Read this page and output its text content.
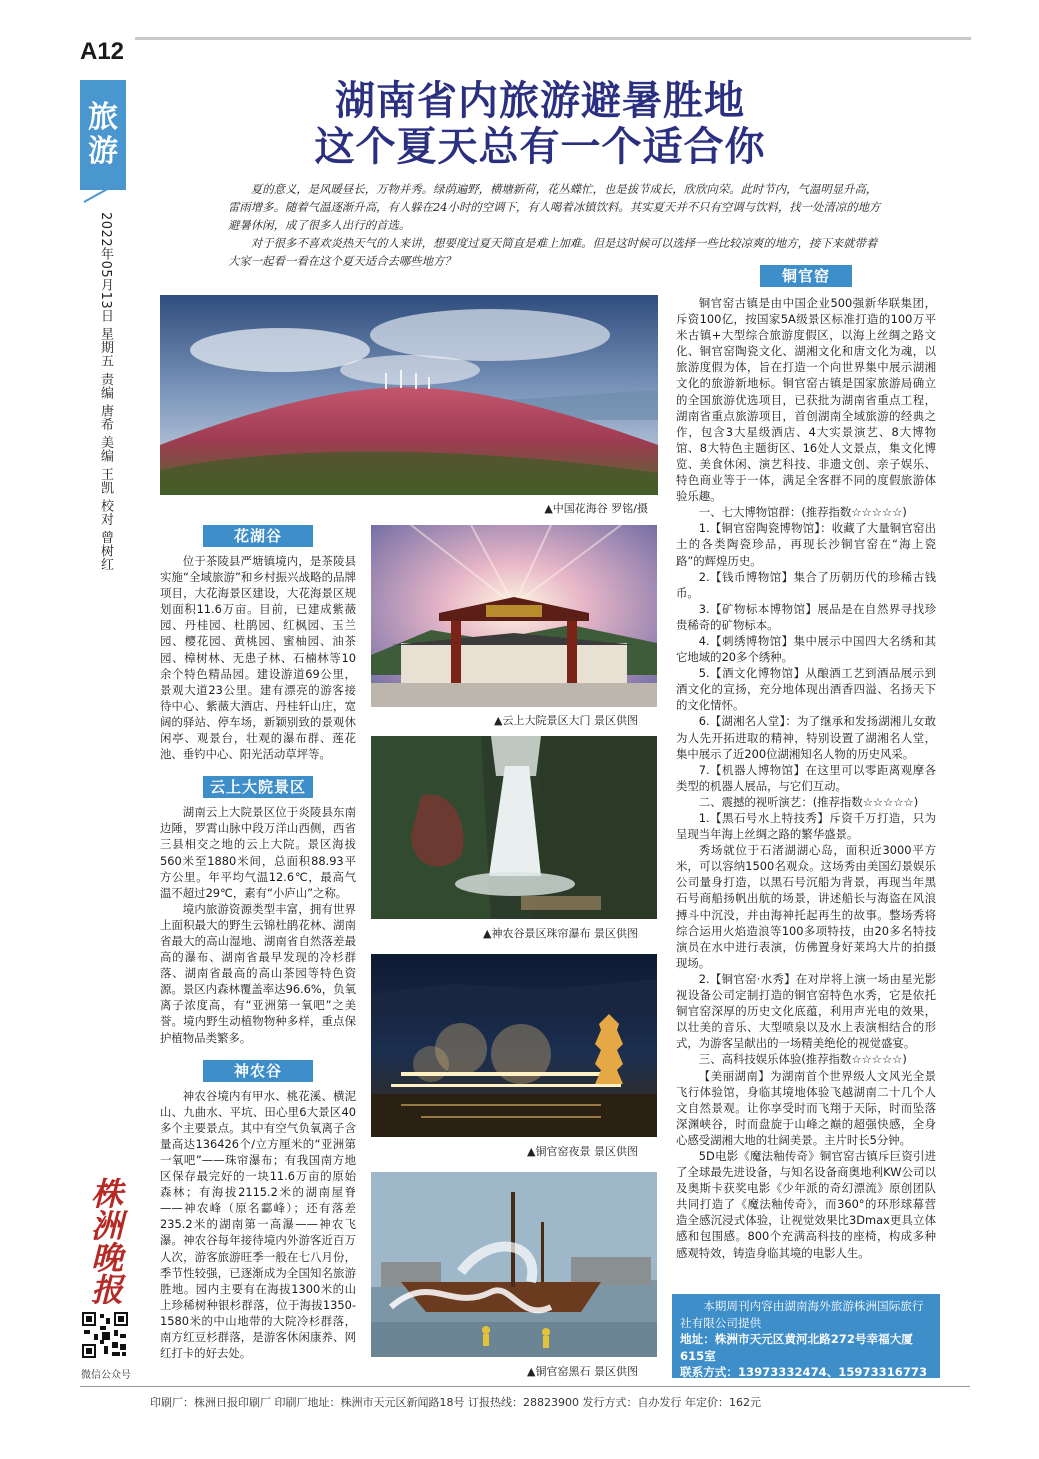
A12
旅
游
2022年05月13日 星期五 责编 唐希 美编 王凯 校对 曾树红
株
洲
晚
报
微信公众号
湖南省内旅游避暑胜地
这个夏天总有一个适合你

夏的意义，是风暖昼长，万物并秀。绿荫遍野，横塘新荷，花丛蝶忙，也是拔节成长，欣欣向荣。此时节内，气温明显升高，雷雨增多。随着气温逐渐升高，有人躲在24小时的空调下，有人喝着冰镇饮料。其实夏天并不只有空调与饮料，找一处清凉的地方避暑休闲，成了很多人出行的首选。

对于很多不喜欢炎热天气的人来讲，想要度过夏天简直是难上加难。但是这时候可以选择一些比较凉爽的地方，接下来就带着大家一起看一看在这个夏天适合去哪些地方？

▲中国花海谷 罗铭/摄
▲云上大院景区大门 景区供图
▲神农谷景区珠帘瀑布 景区供图
▲铜官窑夜景 景区供图
▲铜官窑黑石 景区供图
花湖谷

位于茶陵县严塘镇境内，是茶陵县实施“全域旅游”和乡村振兴战略的品牌项目，大花海景区建设，大花海景区规划面积11.6万亩。目前，已建成紫薇园、丹桂园、杜鹃园、红枫园、玉兰园、樱花园、黄桃园、蜜柚园、油茶园、樟树林、无患子林、石楠林等10余个特色精品园。建设游道69公里，景观大道23公里。建有漂亮的游客接待中心、紫薇大酒店、丹桂轩山庄，宽阔的驿站、停车场，新颖别致的景观休闲亭、观景台，壮观的瀑布群、莲花池、垂钓中心、阳光活动草坪等。

云上大院景区

湖南云上大院景区位于炎陵县东南边陲，罗霄山脉中段万洋山西侧，西省三县相交之地的云上大院。景区海拔560米至1880米间，总面积88.93平方公里。年平均气温12.6℃，最高气温不超过29℃，素有“小庐山”之称。

境内旅游资源类型丰富，拥有世界上面积最大的野生云锦杜鹃花林、湖南省最大的高山湿地、湖南省自然落差最高的瀑布、湖南省最早发现的冷杉群落、湖南省最高的高山茶园等特色资源。景区内森林覆盖率达96.6%，负氧离子浓度高，有“亚洲第一氧吧”之美誉。境内野生动植物物种多样，重点保护植物品类繁多。

神农谷

神农谷境内有甲水、桃花溪、横泥山、九曲水、平坑、田心里6大景区40多个主要景点。其中有空气负氧离子含量高达136426个/立方厘米的“亚洲第一氧吧”——珠帘瀑布；有我国南方地区保存最完好的一块11.6万亩的原始森林；有海拔2115.2米的湖南屋脊——神农峰（原名酃峰）；还有落差235.2米的湖南第一高瀑——神农飞瀑。神农谷每年接待境内外游客近百万人次，游客旅游旺季一般在七八月份，季节性较强，已逐渐成为全国知名旅游胜地。园内主要有在海拔1300米的山上珍稀树种银杉群落，位于海拔1350-1580米的中山地带的大院冷杉群落，南方红豆杉群落，是游客休闲康养、网红打卡的好去处。

铜官窑

铜官窑古镇是由中国企业500强新华联集团，斥资100亿，按国家5A级景区标准打造的100万平米古镇+大型综合旅游度假区，以海上丝绸之路文化、铜官窑陶瓷文化、湖湘文化和唐文化为魂，以旅游度假为体，旨在打造一个向世界集中展示湖湘文化的旅游新地标。铜官窑古镇是国家旅游局确立的全国旅游优选项目，已获批为湖南省重点工程，湖南省重点旅游项目，首创湖南全域旅游的经典之作，包含3大星级酒店、4大实景演艺、8大博物馆、8大特色主题街区、16处人文景点，集文化博览、美食休闲、演艺科技、非遗文创、亲子娱乐、特色商业等于一体，满足全客群不同的度假旅游体验乐趣。

一、七大博物馆群：(推荐指数☆☆☆☆☆)

1.【铜官窑陶瓷博物馆】：收藏了大量铜官窑出土的各类陶瓷珍品，再现长沙铜官窑在“海上瓷路”的辉煌历史。

2.【钱币博物馆】集合了历朝历代的珍稀古钱币。

3.【矿物标本博物馆】展品是在自然界寻找珍贵稀奇的矿物标本。

4.【刺绣博物馆】集中展示中国四大名绣和其它地域的20多个绣种。

5.【酒文化博物馆】从酿酒工艺到酒品展示到酒文化的宣扬，充分地体现出酒香四溢、名扬天下的文化情怀。

6.【湖湘名人堂】：为了继承和发扬湖湘儿女敢为人先开拓进取的精神，特别设置了湖湘名人堂，集中展示了近200位湖湘知名人物的历史风采。

7.【机器人博物馆】在这里可以零距离观摩各类型的机器人展品，与它们互动。

二、震撼的视听演艺：(推荐指数☆☆☆☆☆)

1.【黑石号水上特技秀】斥资千万打造，只为呈现当年海上丝绸之路的繁华盛景。

秀场就位于石渚湖湖心岛，面积近3000平方米，可以容纳1500名观众。这场秀由美国幻景娱乐公司量身打造，以黑石号沉船为背景，再现当年黑石号商船扬帆出航的场景，讲述船长与海盗在风浪搏斗中沉没，并由海神托起再生的故事。整场秀将综合运用火焰造浪等100多项特技，由20多名特技演员在水中进行表演，仿佛置身好莱坞大片的拍摄现场。

2.【铜官窑·水秀】在对岸将上演一场由星光影视设备公司定制打造的铜官窑特色水秀，它是依托铜官窑深厚的历史文化底蕴，利用声光电的效果，以壮美的音乐、大型喷泉以及水上表演相结合的形式，为游客呈献出的一场精美绝伦的视觉盛宴。

三、高科技娱乐体验(推荐指数☆☆☆☆☆)

【美丽湖南】为湖南首个世界级人文风光全景飞行体验馆，身临其境地体验飞越湖南二十几个人文自然景观。让你享受时而飞翔于天际，时而坠落深渊峡谷，时而盘旋于山峰之巅的超强快感，全身心感受湖湘大地的壮阔美景。主片时长5分钟。

5D电影《魔法釉传奇》铜官窑古镇斥巨资引进了全球最先进设备，与知名设备商奥地利KW公司以及奥斯卡获奖电影《少年派的奇幻漂流》原创团队共同打造了《魔法釉传奇》，而360°的环形球幕营造全感沉浸式体验，让视觉效果比3Dmax更具立体感和包围感。800个充满高科技的座椅，构成多种感观特效，铸造身临其境的电影人生。

本期周刊内容由湖南海外旅游株洲国际旅行社有限公司提供

地址：株洲市天元区黄河北路272号幸福大厦615室

联系方式：13973332474、15973316773

印刷厂：株洲日报印刷厂 印刷厂地址：株洲市天元区新闻路18号 订报热线：28823900 发行方式：自办发行 年定价：162元
